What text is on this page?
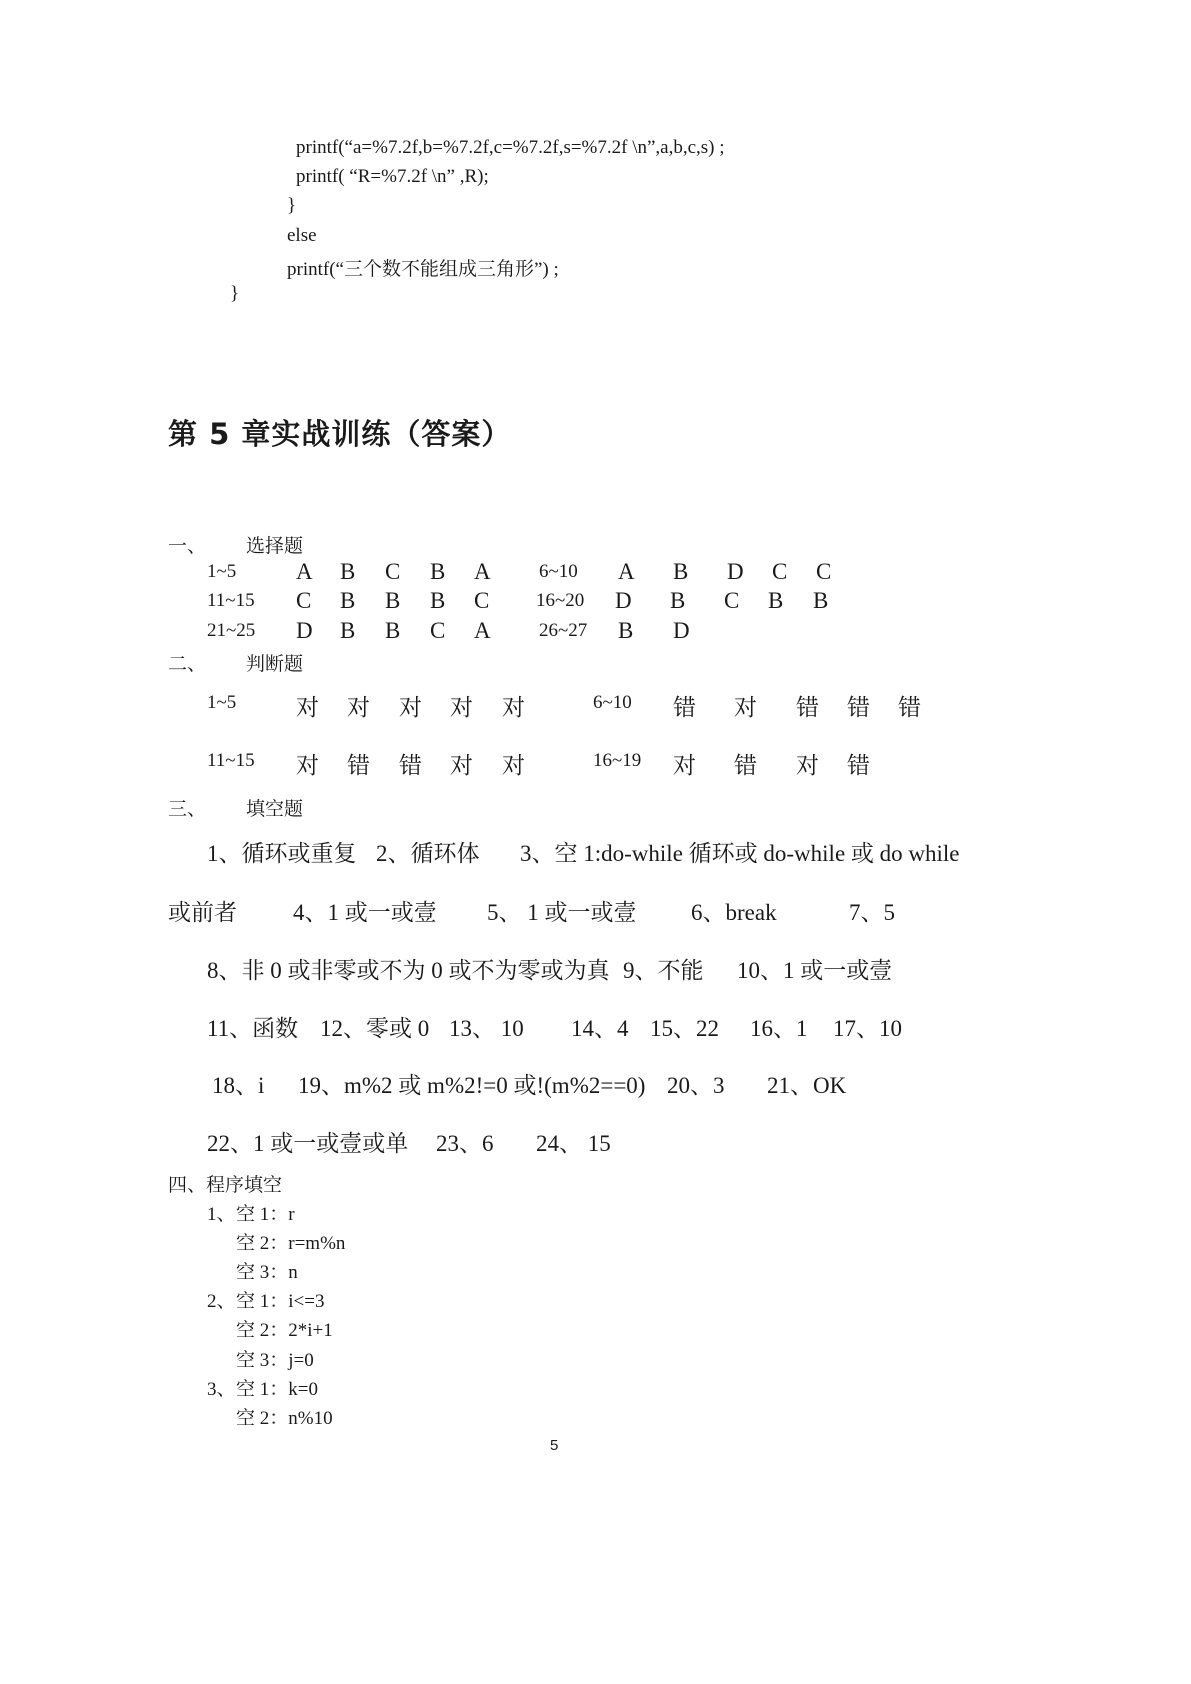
printf(“a=%7.2f,b=%7.2f,c=%7.2f,s=%7.2f \n”,a,b,c,s) ;
printf( “R=%7.2f \n” ,R);
}
else
printf(“三个数不能组成三角形”) ;
}
第 5 章实战训练（答案）
一、 选择题
1~5	A B C B A	6~10 A B D C C
11~15 C B B B C 16~20 D B C B B
21~25 D B B C A	26~27 B D
二、 判断题
1~5	对 对 对 对 对	6~10 错 对 错 错 错
11~15 对 错 错 对 对	16~19 对 错 对 错
三、 填空题
1、循环或重复 2、循环体 3、空 1:do-while 循环或 do-while 或 do while
或前者 4、1 或一或壹 5、 1 或一或壹 6、break	7、5
8、非 0 或非零或不为 0 或不为零或为真 9、不能 10、1 或一或壹
11、函数 12、零或 0 13、 10 14、4 15、22 16、1 17、10
18、i 19、m%2 或 m%2!=0 或!(m%2==0) 20、3 21、OK
22、1 或一或壹或单 23、6 24、 15
四、程序填空
1、 空 1：r
空 2：r=m%n
空 3：n
2、 空 1：i<=3
空 2：2*i+1
空 3：j=0
3、 空 1：k=0
空 2：n%10
5
